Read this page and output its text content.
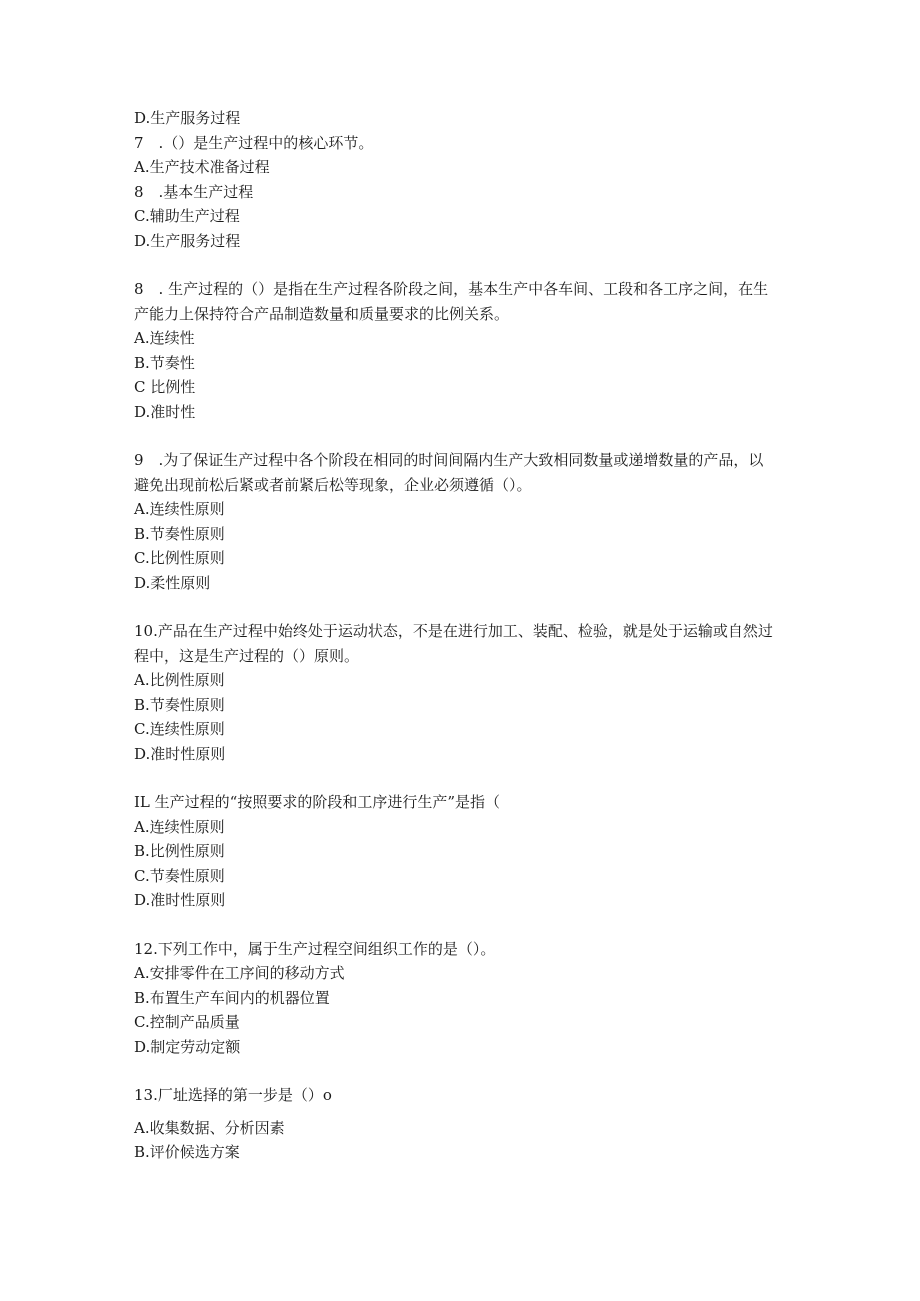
D.生产服务过程

7　.（）是生产过程中的核心环节。

A.生产技术准备过程

8　.基本生产过程

C.辅助生产过程

D.生产服务过程

8　. 生产过程的（）是指在生产过程各阶段之间，基本生产中各车间、工段和各工序之间，在生

产能力上保持符合产品制造数量和质量要求的比例关系。

A.连续性

B.节奏性

C 比例性

D.准时性

9　.为了保证生产过程中各个阶段在相同的时间间隔内生产大致相同数量或递增数量的产品，以

避免出现前松后紧或者前紧后松等现象，企业必须遵循（）。

A.连续性原则

B.节奏性原则

C.比例性原则

D.柔性原则

10.产品在生产过程中始终处于运动状态，不是在进行加工、装配、检验，就是处于运输或自然过

程中，这是生产过程的（）原则。

A.比例性原则

B.节奏性原则

C.连续性原则

D.准时性原则

IL 生产过程的“按照要求的阶段和工序进行生产”是指（

A.连续性原则

B.比例性原则

C.节奏性原则

D.准时性原则

12.下列工作中，属于生产过程空间组织工作的是（）。

A.安排零件在工序间的移动方式

B.布置生产车间内的机器位置

C.控制产品质量

D.制定劳动定额

13.厂址选择的第一步是（）o

A.收集数据、分析因素

B.评价候选方案
